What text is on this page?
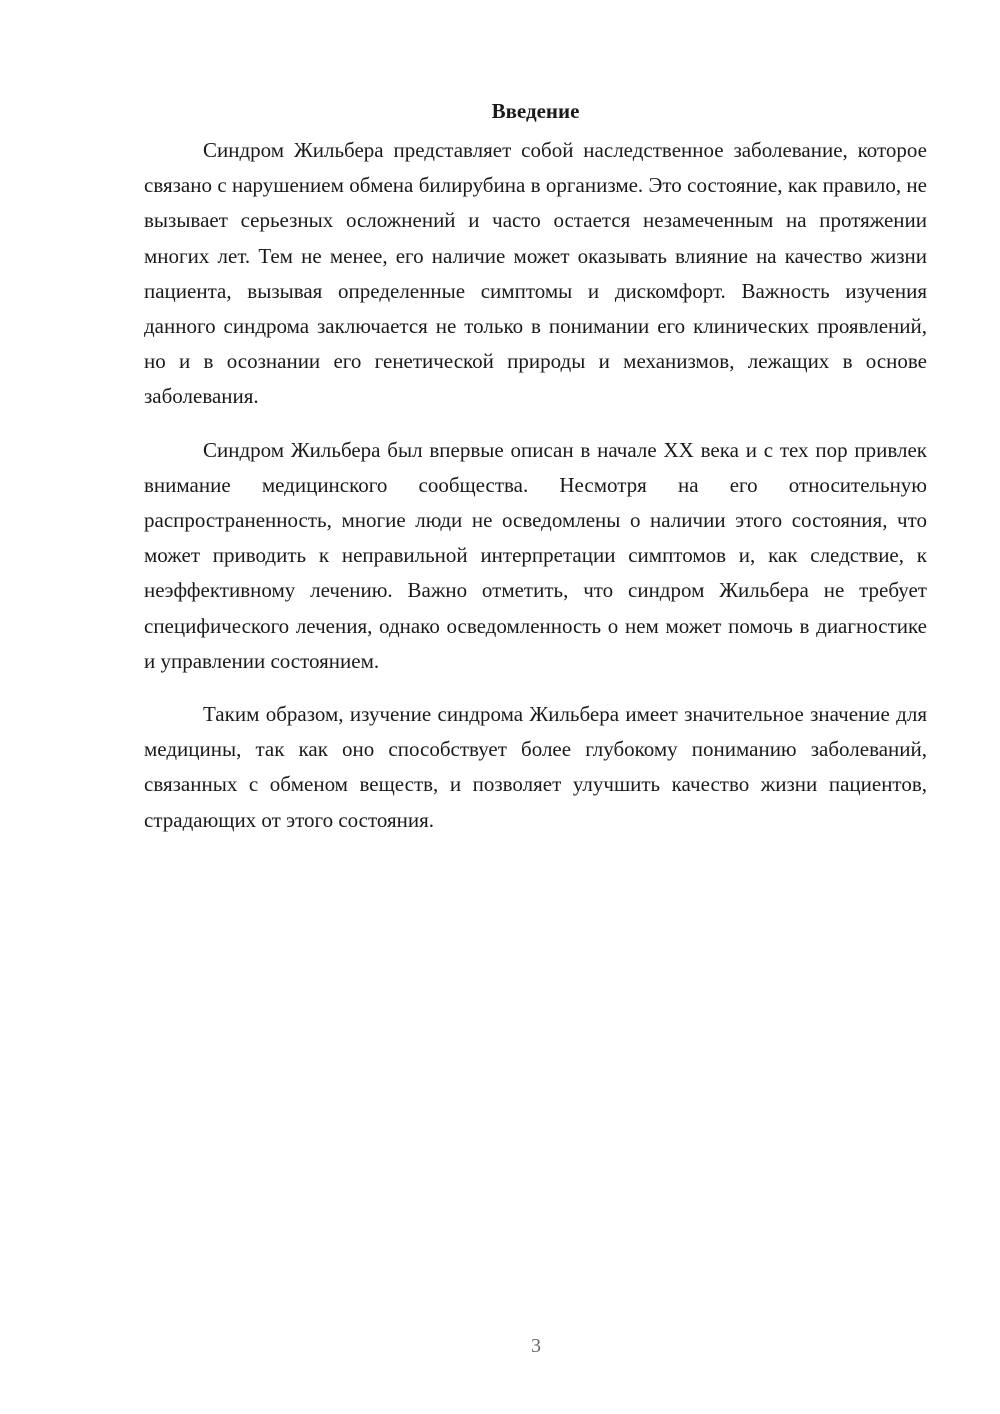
Введение

Синдром Жильбера представляет собой наследственное заболевание, которое связано с нарушением обмена билирубина в организме. Это состояние, как правило, не вызывает серьезных осложнений и часто остается незамеченным на протяжении многих лет. Тем не менее, его наличие может оказывать влияние на качество жизни пациента, вызывая определенные симптомы и дискомфорт. Важность изучения данного синдрома заключается не только в понимании его клинических проявлений, но и в осознании его генетической природы и механизмов, лежащих в основе заболевания.

Синдром Жильбера был впервые описан в начале XX века и с тех пор привлек внимание медицинского сообщества. Несмотря на его относительную распространенность, многие люди не осведомлены о наличии этого состояния, что может приводить к неправильной интерпретации симптомов и, как следствие, к неэффективному лечению. Важно отметить, что синдром Жильбера не требует специфического лечения, однако осведомленность о нем может помочь в диагностике и управлении состоянием.

Таким образом, изучение синдрома Жильбера имеет значительное значение для медицины, так как оно способствует более глубокому пониманию заболеваний, связанных с обменом веществ, и позволяет улучшить качество жизни пациентов, страдающих от этого состояния.

3
